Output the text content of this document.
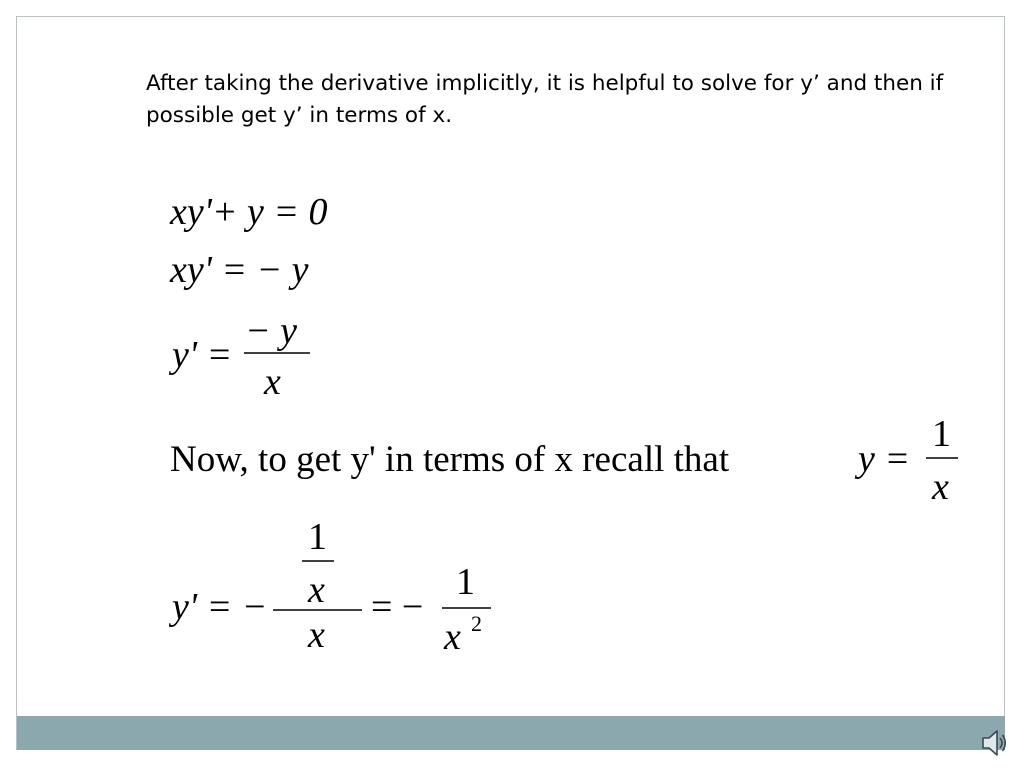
After taking the derivative implicitly, it is helpful to solve for y’ and then if possible get y’ in terms of x.

xy'+ y = 0
xy' = − y
y' =
− y
x
Now, to get y' in terms of x recall that	y =
1
x
y' = −
1
x
x
= −
1
x 2
